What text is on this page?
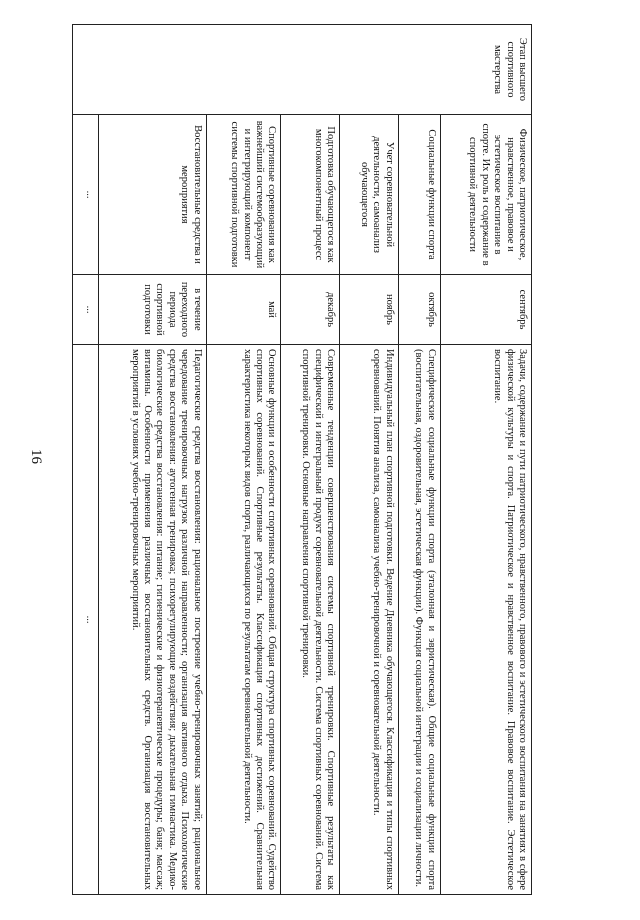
16
Этап высшего спортивного мастерства	Физическое, патриотическое, нравственное, правовое и эстетическое воспитание в спорте. Их роль и содержание в спортивной деятельности	сентябрь	Задачи, содержание и пути патриотического, нравственного, правового и эстетического воспитания на занятиях в сфере физической культуры и спорта. Патриотическое и нравственное воспитание. Правовое воспитание. Эстетическое воспитание.
	Социальные функции спорта	октябрь	Специфические социальные функции спорта (эталонная и эвристическая). Общие социальные функции спорта (воспитательная, оздоровительная, эстетическая функции). Функция социальной интеграции и социализации личности.
	Учет соревновательной деятельности, самоанализ обучающегося	ноябрь	Индивидуальный план спортивной подготовки. Ведение Дневника обучающегося. Классификация и типы спортивных соревнований. Понятия анализа, самоанализа учебно-тренировочной и соревновательной деятельности.
	Подготовка обучающегося как многокомпонентный процесс	декабрь	Современные тенденции совершенствования системы спортивной тренировки. Спортивные результаты как специфический и интегральный продукт соревновательной деятельности. Система спортивных соревнований. Система спортивной тренировки. Основные направления спортивной тренировки.
	Спортивные соревнования как важнейший системообразующий и интегрирующий компонент системы спортивной подготовки	май	Основные функции и особенности спортивных соревнований. Общая структура спортивных соревнований. Судейство спортивных соревнований. Спортивные результаты. Классификация спортивных достижений. Сравнительная характеристика некоторых видов спорта, различающихся по результатам соревновательной деятельности.
	Восстановительные средства и мероприятия	в течение переходного периода спортивной подготовки	Педагогические средства восстановления: рациональное построение учебно-тренировочных занятий; рациональное чередование тренировочных нагрузок различной направленности; организация активного отдыха. Психологические средства восстановления: аутогенная тренировка; психорегулирующие воздействия; дыхательная гимнастика. Медико-биологические средства восстановления: питание; гигиенические и физиотерапевтические процедуры; баня; массаж; витамины. Особенности применения различных восстановительных средств. Организация восстановительных мероприятий в условиях учебно-тренировочных мероприятий.
	...	...	...
